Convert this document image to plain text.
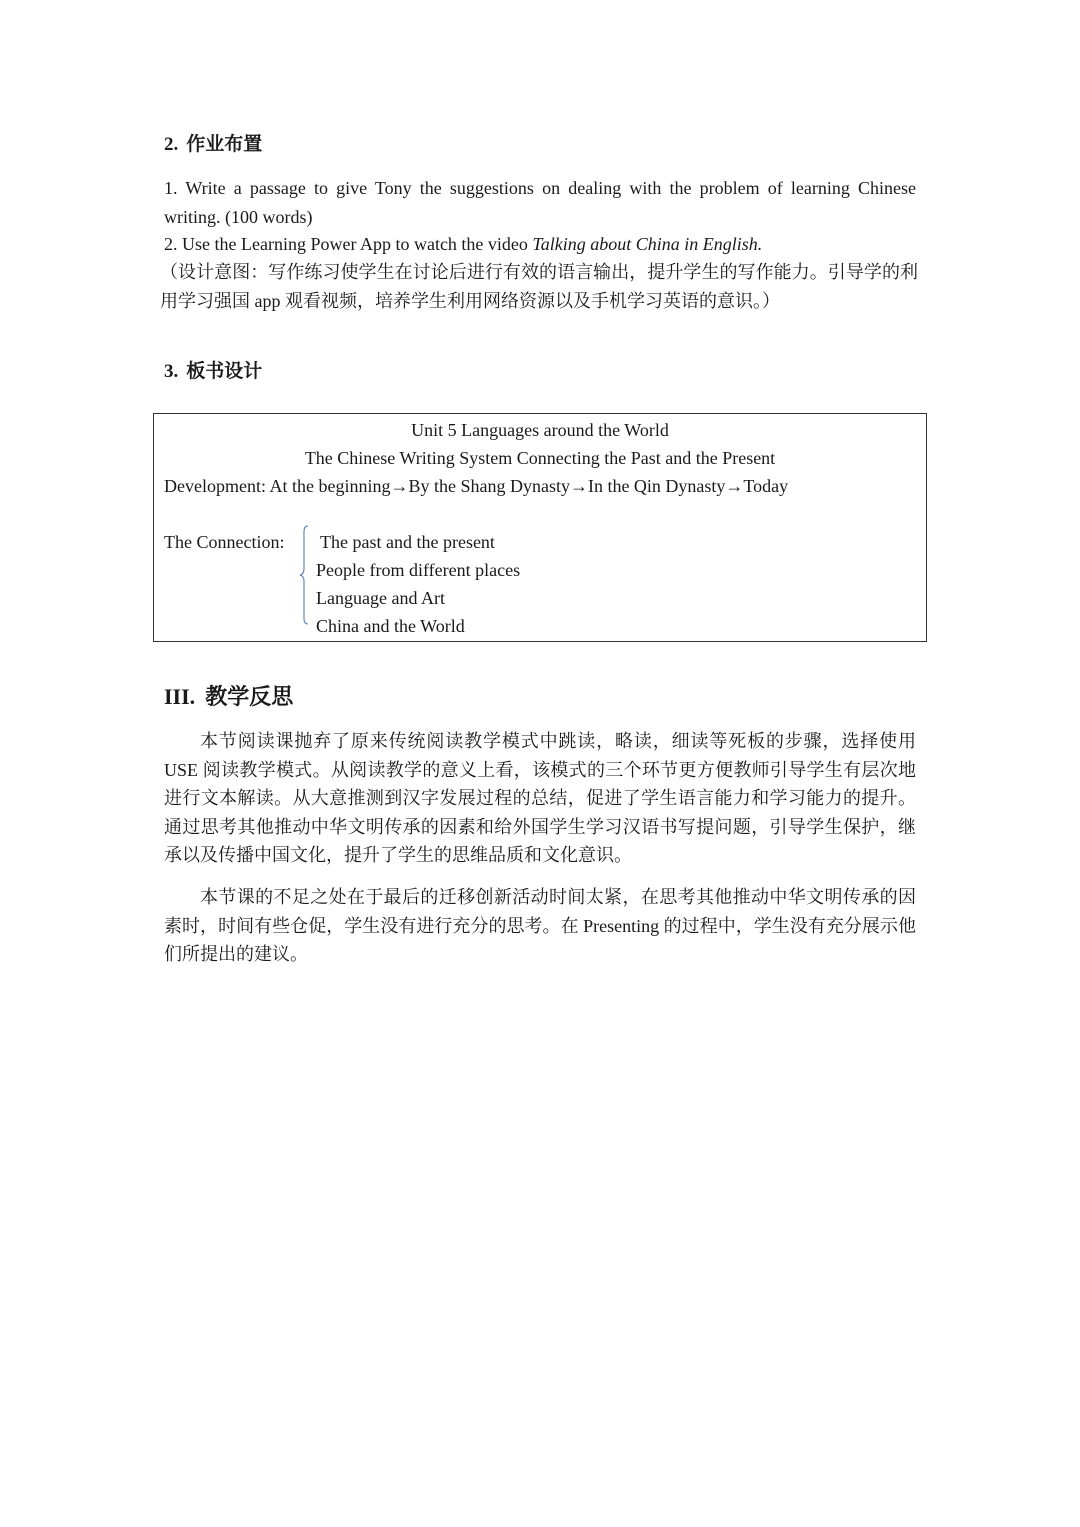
2. 作业布置
1. Write a passage to give Tony the suggestions on dealing with the problem of learning Chinese writing. (100 words)
2. Use the Learning Power App to watch the video Talking about China in English.
（设计意图：写作练习使学生在讨论后进行有效的语言输出，提升学生的写作能力。引导学的利用学习强国 app 观看视频，培养学生利用网络资源以及手机学习英语的意识。）
3. 板书设计
Unit 5 Languages around the World
The Chinese Writing System Connecting the Past and the Present
Development: At the beginning→By the Shang Dynasty→In the Qin Dynasty→Today
The Connection: The past and the present
People from different places
Language and Art
China and the World
III. 教学反思
本节阅读课抛弃了原来传统阅读教学模式中跳读，略读，细读等死板的步骤，选择使用 USE 阅读教学模式。从阅读教学的意义上看，该模式的三个环节更方便教师引导学生有层次地进行文本解读。从大意推测到汉字发展过程的总结，促进了学生语言能力和学习能力的提升。通过思考其他推动中华文明传承的因素和给外国学生学习汉语书写提问题，引导学生保护，继承以及传播中国文化，提升了学生的思维品质和文化意识。
本节课的不足之处在于最后的迁移创新活动时间太紧，在思考其他推动中华文明传承的因素时，时间有些仓促，学生没有进行充分的思考。在 Presenting 的过程中，学生没有充分展示他们所提出的建议。
